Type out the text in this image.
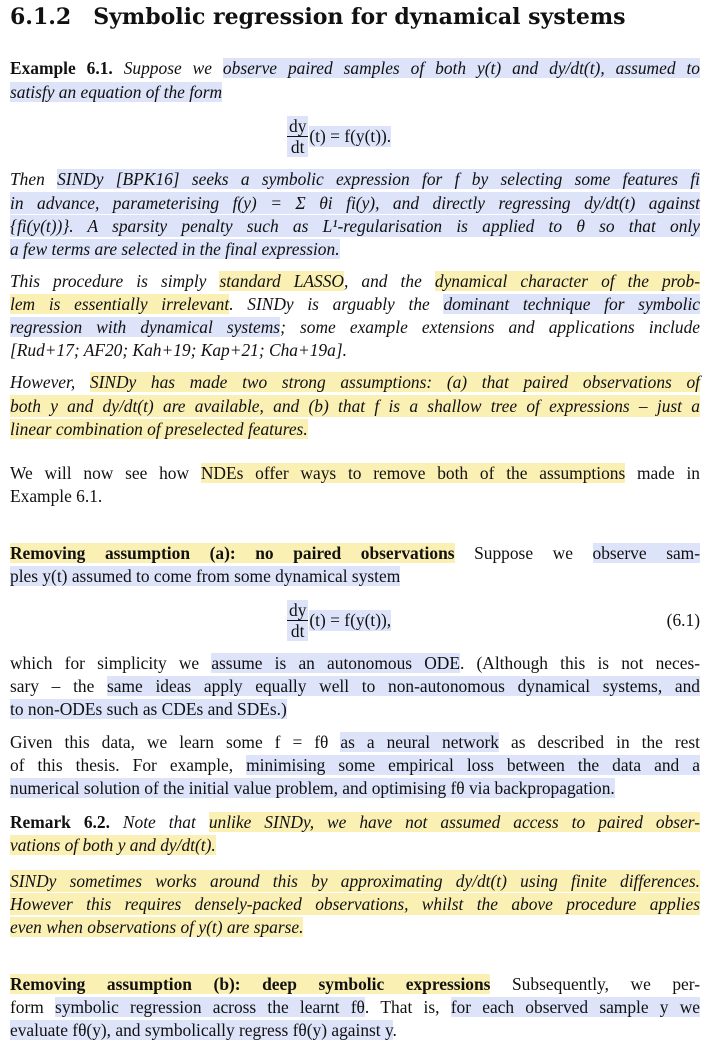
6.1.2 Symbolic regression for dynamical systems
Example 6.1. Suppose we observe paired samples of both y(t) and dy/dt(t), assumed to
satisfy an equation of the form
$\frac{dy}{dt} (t) = f(y(t))$.
Then SINDy [BPK16] seeks a symbolic expression for f by selecting some features fi
in advance, parameterising f(y) = Σ θi fi(y), and directly regressing dy/dt(t) against
{fi(y(t))}. A sparsity penalty such as L¹-regularisation is applied to θ so that only
a few terms are selected in the final expression.
This procedure is simply standard LASSO, and the dynamical character of the prob-
lem is essentially irrelevant. SINDy is arguably the dominant technique for symbolic
regression with dynamical systems; some example extensions and applications include
[Rud+17; AF20; Kah+19; Kap+21; Cha+19a].
However, SINDy has made two strong assumptions: (a) that paired observations of
both y and dy/dt(t) are available, and (b) that f is a shallow tree of expressions – just a
linear combination of preselected features.
We will now see how NDEs offer ways to remove both of the assumptions made in
Example 6.1.
Removing assumption (a): no paired observations Suppose we observe sam-
ples y(t) assumed to come from some dynamical system
$\frac{dy}{dt} (t) = f(y(t))$,	(6.1)
which for simplicity we assume is an autonomous ODE. (Although this is not neces-
sary – the same ideas apply equally well to non-autonomous dynamical systems, and
to non-ODEs such as CDEs and SDEs.)
Given this data, we learn some f = fθ as a neural network as described in the rest
of this thesis. For example, minimising some empirical loss between the data and a
numerical solution of the initial value problem, and optimising fθ via backpropagation.
Remark 6.2. Note that unlike SINDy, we have not assumed access to paired obser-
vations of both y and dy/dt(t).
SINDy sometimes works around this by approximating dy/dt(t) using finite differences.
However this requires densely-packed observations, whilst the above procedure applies
even when observations of y(t) are sparse.
Removing assumption (b): deep symbolic expressions Subsequently, we per-
form symbolic regression across the learnt fθ. That is, for each observed sample y we
evaluate fθ(y), and symbolically regress fθ(y) against y.
